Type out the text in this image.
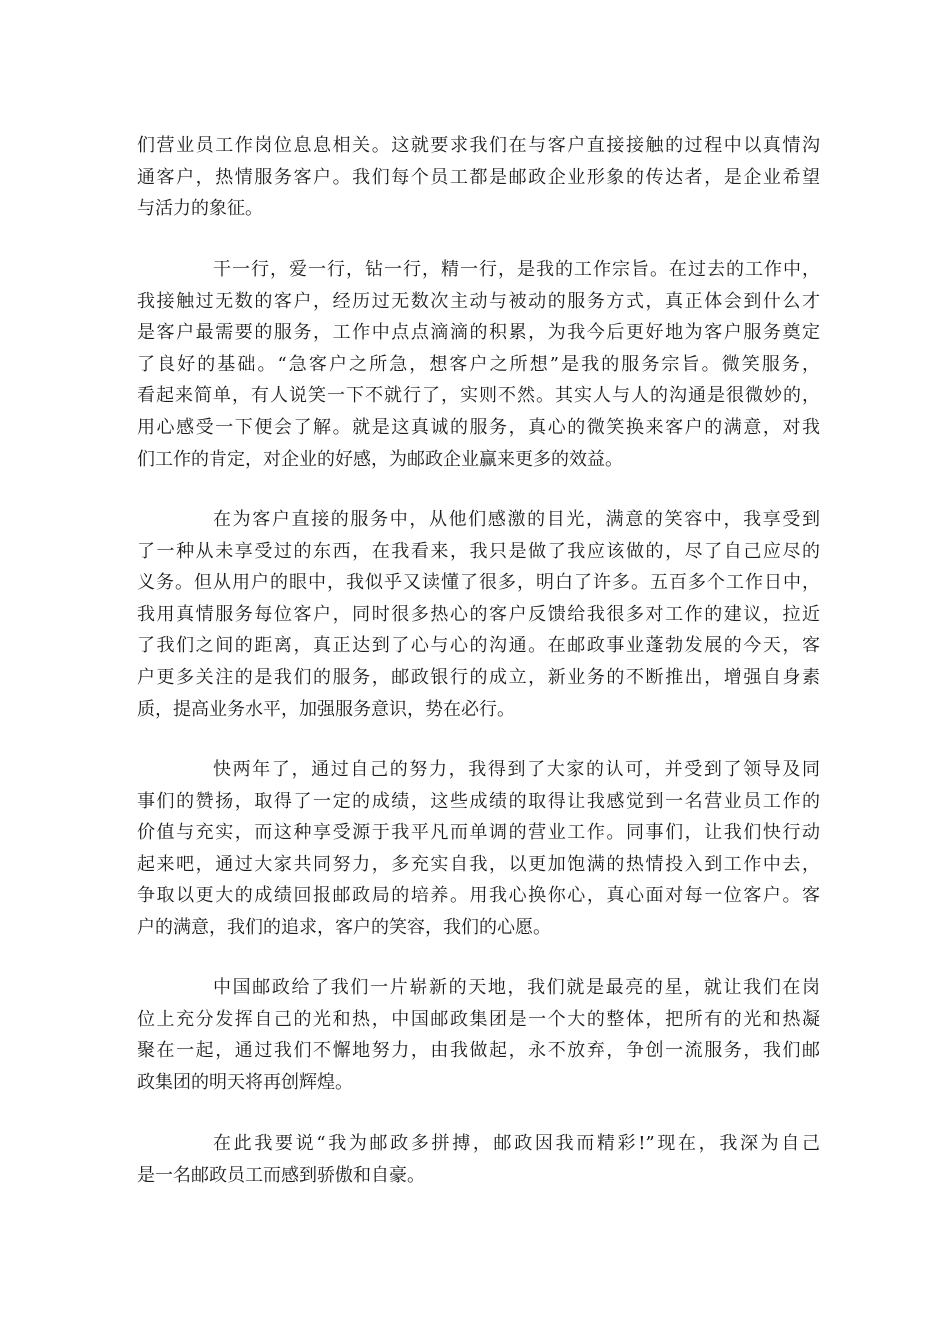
们营业员工作岗位息息相关。这就要求我们在与客户直接接触的过程中以真情沟
通客户，热情服务客户。我们每个员工都是邮政企业形象的传达者，是企业希望
与活力的象征。
干一行，爱一行，钻一行，精一行，是我的工作宗旨。在过去的工作中，
我接触过无数的客户，经历过无数次主动与被动的服务方式，真正体会到什么才
是客户最需要的服务，工作中点点滴滴的积累，为我今后更好地为客户服务奠定
了良好的基础。“急客户之所急，想客户之所想”是我的服务宗旨。微笑服务，
看起来简单，有人说笑一下不就行了，实则不然。其实人与人的沟通是很微妙的，
用心感受一下便会了解。就是这真诚的服务，真心的微笑换来客户的满意，对我
们工作的肯定，对企业的好感，为邮政企业赢来更多的效益。
在为客户直接的服务中，从他们感激的目光，满意的笑容中，我享受到
了一种从未享受过的东西，在我看来，我只是做了我应该做的，尽了自己应尽的
义务。但从用户的眼中，我似乎又读懂了很多，明白了许多。五百多个工作日中，
我用真情服务每位客户，同时很多热心的客户反馈给我很多对工作的建议，拉近
了我们之间的距离，真正达到了心与心的沟通。在邮政事业蓬勃发展的今天，客
户更多关注的是我们的服务，邮政银行的成立，新业务的不断推出，增强自身素
质，提高业务水平，加强服务意识，势在必行。
快两年了，通过自己的努力，我得到了大家的认可，并受到了领导及同
事们的赞扬，取得了一定的成绩，这些成绩的取得让我感觉到一名营业员工作的
价值与充实，而这种享受源于我平凡而单调的营业工作。同事们，让我们快行动
起来吧，通过大家共同努力，多充实自我，以更加饱满的热情投入到工作中去，
争取以更大的成绩回报邮政局的培养。用我心换你心，真心面对每一位客户。客
户的满意，我们的追求，客户的笑容，我们的心愿。
中国邮政给了我们一片崭新的天地，我们就是最亮的星，就让我们在岗
位上充分发挥自己的光和热，中国邮政集团是一个大的整体，把所有的光和热凝
聚在一起，通过我们不懈地努力，由我做起，永不放弃，争创一流服务，我们邮
政集团的明天将再创辉煌。
在此我要说“我为邮政多拼搏，邮政因我而精彩!”现在，我深为自己
是一名邮政员工而感到骄傲和自豪。
